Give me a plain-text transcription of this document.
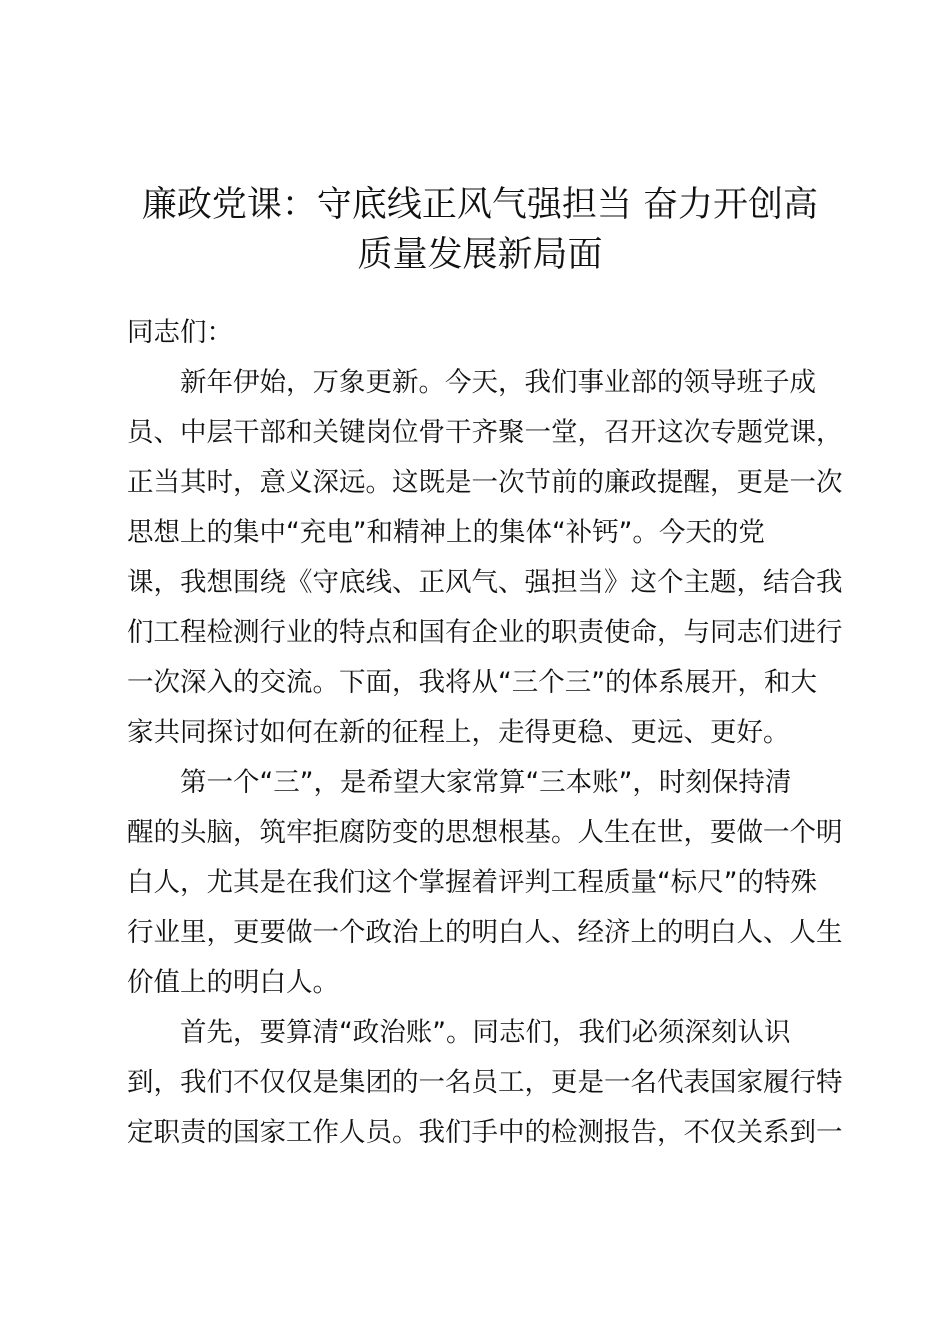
廉政党课：守底线正风气强担当 奋力开创高
质量发展新局面
同志们：
新年伊始，万象更新。今天，我们事业部的领导班子成
员、中层干部和关键岗位骨干齐聚一堂，召开这次专题党课，
正当其时，意义深远。这既是一次节前的廉政提醒，更是一次
思想上的集中“充电”和精神上的集体“补钙”。今天的党
课，我想围绕《守底线、正风气、强担当》这个主题，结合我
们工程检测行业的特点和国有企业的职责使命，与同志们进行
一次深入的交流。下面，我将从“三个三”的体系展开，和大
家共同探讨如何在新的征程上，走得更稳、更远、更好。
第一个“三”，是希望大家常算“三本账”，时刻保持清
醒的头脑，筑牢拒腐防变的思想根基。人生在世，要做一个明
白人，尤其是在我们这个掌握着评判工程质量“标尺”的特殊
行业里，更要做一个政治上的明白人、经济上的明白人、人生
价值上的明白人。
首先，要算清“政治账”。同志们，我们必须深刻认识
到，我们不仅仅是集团的一名员工，更是一名代表国家履行特
定职责的国家工作人员。我们手中的检测报告，不仅关系到一
